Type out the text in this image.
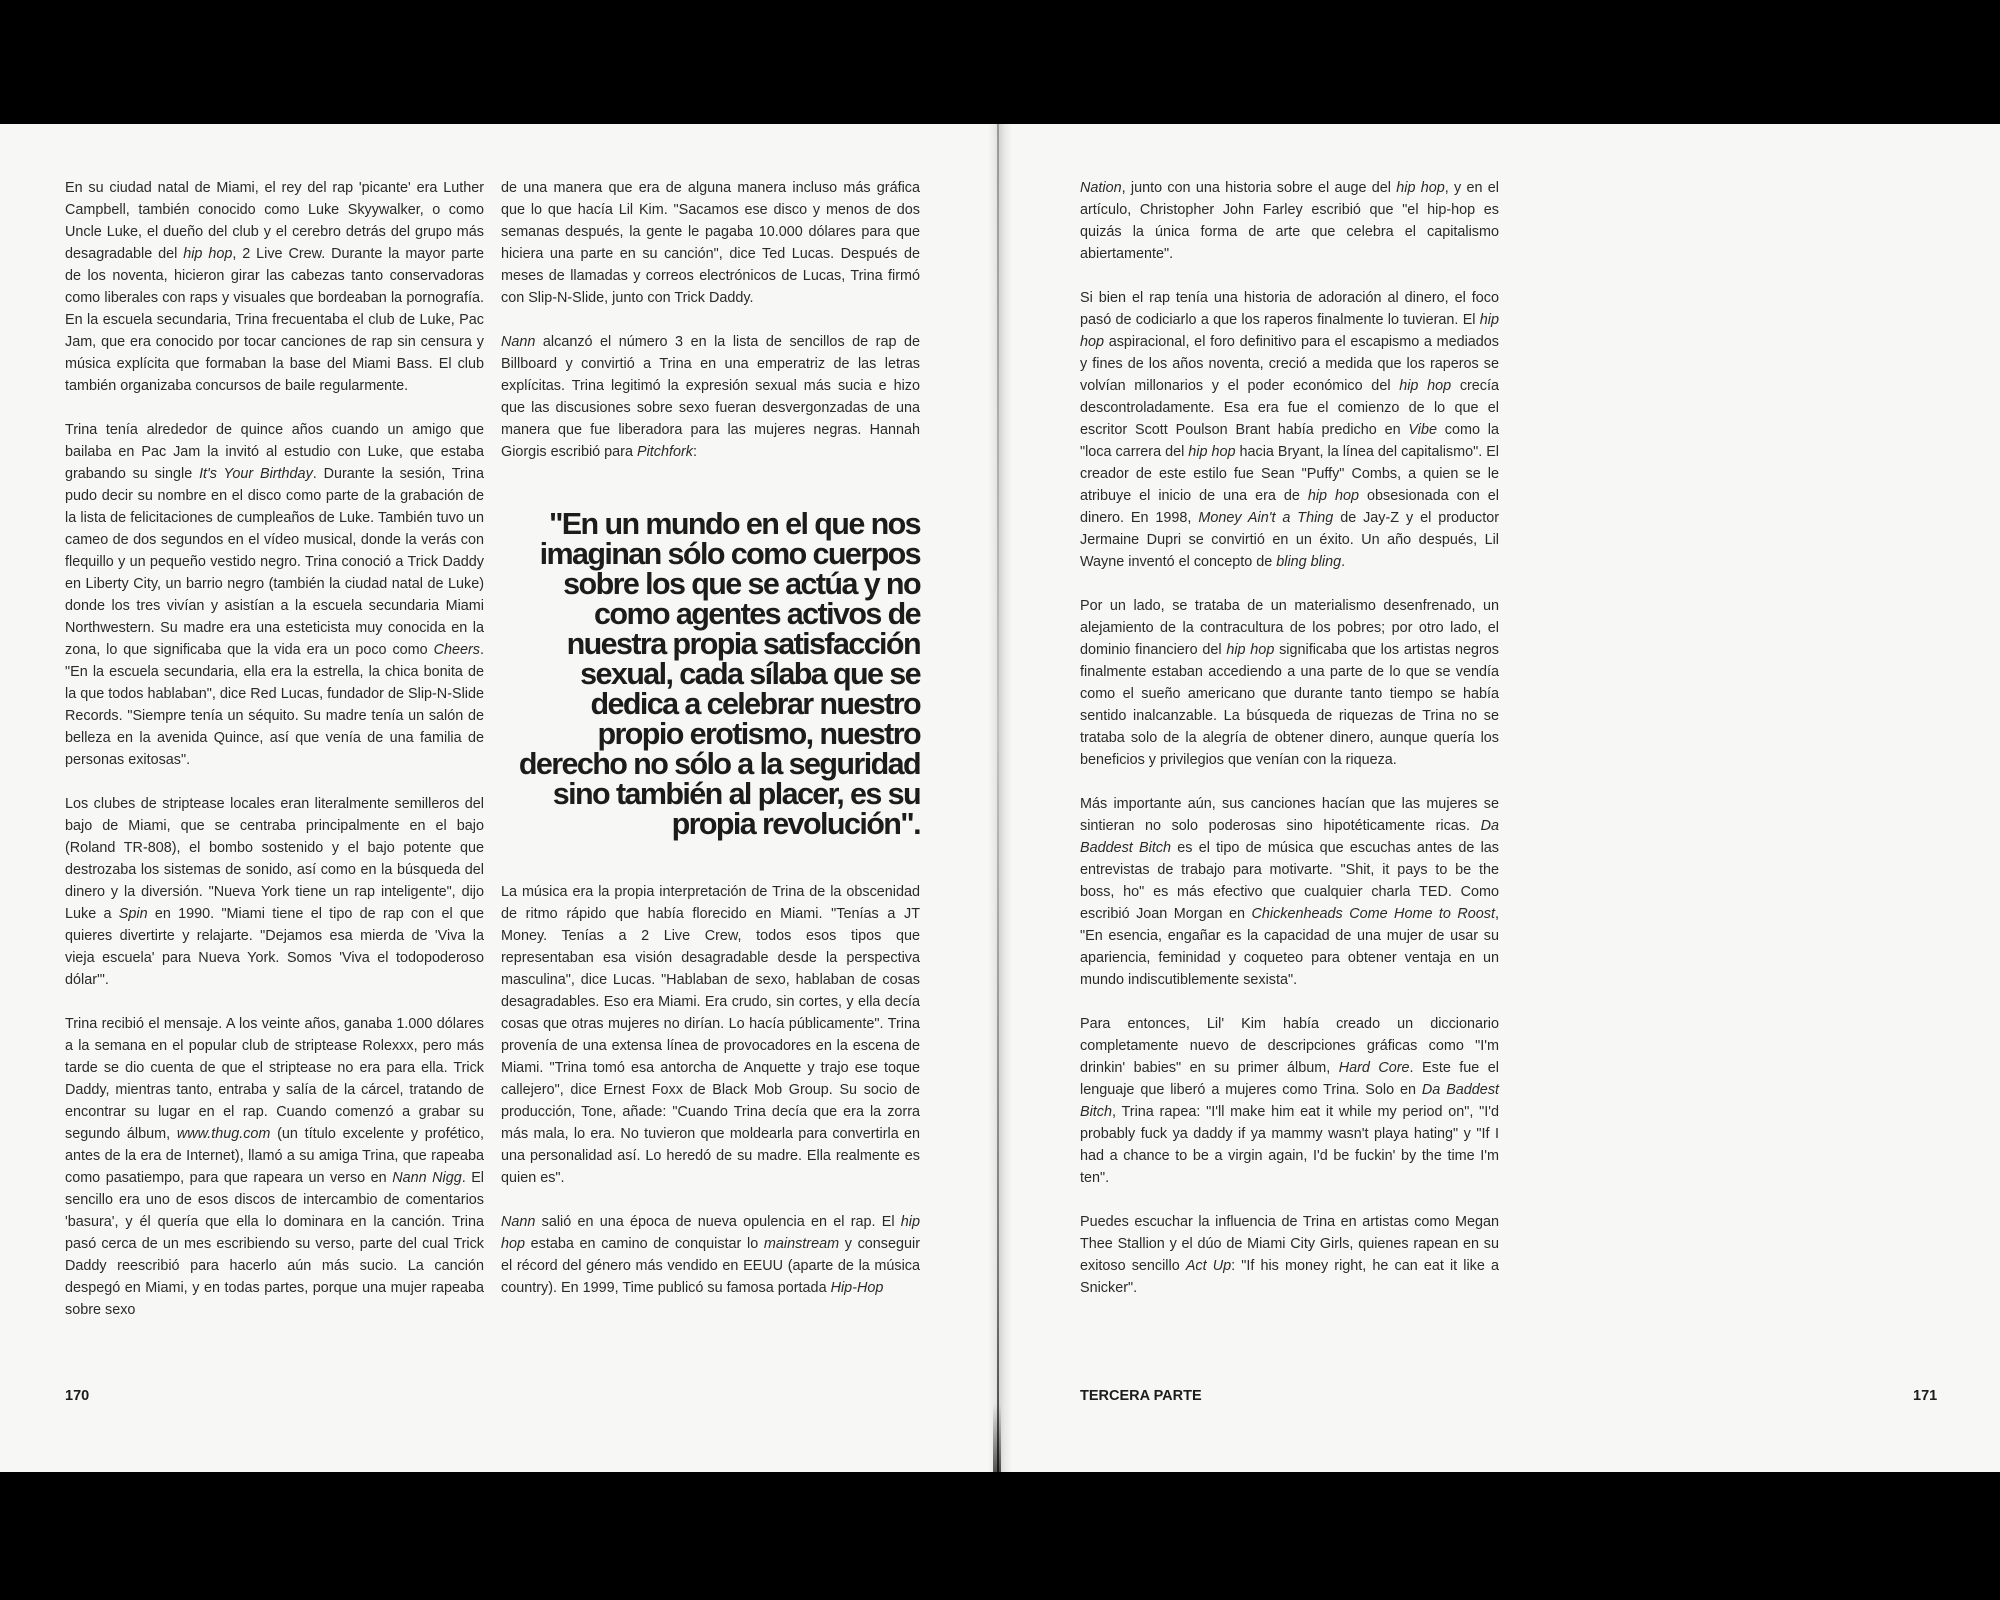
En su ciudad natal de Miami, el rey del rap 'picante' era Luther Campbell, también conocido como Luke Skyywalker, o como Uncle Luke, el dueño del club y el cerebro detrás del grupo más desagradable del hip hop, 2 Live Crew. Durante la mayor parte de los noventa, hicieron girar las cabezas tanto conservadoras como liberales con raps y visuales que bordeaban la pornografía. En la escuela secundaria, Trina frecuentaba el club de Luke, Pac Jam, que era conocido por tocar canciones de rap sin censura y música explícita que formaban la base del Miami Bass. El club también organizaba concursos de baile regularmente.

Trina tenía alrededor de quince años cuando un amigo que bailaba en Pac Jam la invitó al estudio con Luke, que estaba grabando su single It's Your Birthday. Durante la sesión, Trina pudo decir su nombre en el disco como parte de la grabación de la lista de felicitaciones de cumpleaños de Luke. También tuvo un cameo de dos segundos en el vídeo musical, donde la verás con flequillo y un pequeño vestido negro. Trina conoció a Trick Daddy en Liberty City, un barrio negro (también la ciudad natal de Luke) donde los tres vivían y asistían a la escuela secundaria Miami Northwestern. Su madre era una esteticista muy conocida en la zona, lo que significaba que la vida era un poco como Cheers. "En la escuela secundaria, ella era la estrella, la chica bonita de la que todos hablaban", dice Red Lucas, fundador de Slip-N-Slide Records. "Siempre tenía un séquito. Su madre tenía un salón de belleza en la avenida Quince, así que venía de una familia de personas exitosas".

Los clubes de striptease locales eran literalmente semilleros del bajo de Miami, que se centraba principalmente en el bajo (Roland TR-808), el bombo sostenido y el bajo potente que destrozaba los sistemas de sonido, así como en la búsqueda del dinero y la diversión. "Nueva York tiene un rap inteligente", dijo Luke a Spin en 1990. "Miami tiene el tipo de rap con el que quieres divertirte y relajarte. "Dejamos esa mierda de 'Viva la vieja escuela' para Nueva York. Somos 'Viva el todopoderoso dólar'".

Trina recibió el mensaje. A los veinte años, ganaba 1.000 dólares a la semana en el popular club de striptease Rolexxx, pero más tarde se dio cuenta de que el striptease no era para ella. Trick Daddy, mientras tanto, entraba y salía de la cárcel, tratando de encontrar su lugar en el rap. Cuando comenzó a grabar su segundo álbum, www.thug.com (un título excelente y profético, antes de la era de Internet), llamó a su amiga Trina, que rapeaba como pasatiempo, para que rapeara un verso en Nann Nigg. El sencillo era uno de esos discos de intercambio de comentarios 'basura', y él quería que ella lo dominara en la canción. Trina pasó cerca de un mes escribiendo su verso, parte del cual Trick Daddy reescribió para hacerlo aún más sucio. La canción despegó en Miami, y en todas partes, porque una mujer rapeaba sobre sexo

de una manera que era de alguna manera incluso más gráfica que lo que hacía Lil Kim. "Sacamos ese disco y menos de dos semanas después, la gente le pagaba 10.000 dólares para que hiciera una parte en su canción", dice Ted Lucas. Después de meses de llamadas y correos electrónicos de Lucas, Trina firmó con Slip-N-Slide, junto con Trick Daddy.

Nann alcanzó el número 3 en la lista de sencillos de rap de Billboard y convirtió a Trina en una emperatriz de las letras explícitas. Trina legitimó la expresión sexual más sucia e hizo que las discusiones sobre sexo fueran desvergonzadas de una manera que fue liberadora para las mujeres negras. Hannah Giorgis escribió para Pitchfork:

"En un mundo en el que nos imaginan sólo como cuerpos sobre los que se actúa y no como agentes activos de nuestra propia satisfacción sexual, cada sílaba que se dedica a celebrar nuestro propio erotismo, nuestro derecho no sólo a la seguridad sino también al placer, es su propia revolución".

La música era la propia interpretación de Trina de la obscenidad de ritmo rápido que había florecido en Miami. "Tenías a JT Money. Tenías a 2 Live Crew, todos esos tipos que representaban esa visión desagradable desde la perspectiva masculina", dice Lucas. "Hablaban de sexo, hablaban de cosas desagradables. Eso era Miami. Era crudo, sin cortes, y ella decía cosas que otras mujeres no dirían. Lo hacía públicamente". Trina provenía de una extensa línea de provocadores en la escena de Miami. "Trina tomó esa antorcha de Anquette y trajo ese toque callejero", dice Ernest Foxx de Black Mob Group. Su socio de producción, Tone, añade: "Cuando Trina decía que era la zorra más mala, lo era. No tuvieron que moldearla para convertirla en una personalidad así. Lo heredó de su madre. Ella realmente es quien es".

Nann salió en una época de nueva opulencia en el rap. El hip hop estaba en camino de conquistar lo mainstream y conseguir el récord del género más vendido en EEUU (aparte de la música country). En 1999, Time publicó su famosa portada Hip-Hop

Nation, junto con una historia sobre el auge del hip hop, y en el artículo, Christopher John Farley escribió que "el hip-hop es quizás la única forma de arte que celebra el capitalismo abiertamente".

Si bien el rap tenía una historia de adoración al dinero, el foco pasó de codiciarlo a que los raperos finalmente lo tuvieran. El hip hop aspiracional, el foro definitivo para el escapismo a mediados y fines de los años noventa, creció a medida que los raperos se volvían millonarios y el poder económico del hip hop crecía descontroladamente. Esa era fue el comienzo de lo que el escritor Scott Poulson Brant había predicho en Vibe como la "loca carrera del hip hop hacia Bryant, la línea del capitalismo". El creador de este estilo fue Sean "Puffy" Combs, a quien se le atribuye el inicio de una era de hip hop obsesionada con el dinero. En 1998, Money Ain't a Thing de Jay-Z y el productor Jermaine Dupri se convirtió en un éxito. Un año después, Lil Wayne inventó el concepto de bling bling.

Por un lado, se trataba de un materialismo desenfrenado, un alejamiento de la contracultura de los pobres; por otro lado, el dominio financiero del hip hop significaba que los artistas negros finalmente estaban accediendo a una parte de lo que se vendía como el sueño americano que durante tanto tiempo se había sentido inalcanzable. La búsqueda de riquezas de Trina no se trataba solo de la alegría de obtener dinero, aunque quería los beneficios y privilegios que venían con la riqueza.

Más importante aún, sus canciones hacían que las mujeres se sintieran no solo poderosas sino hipotéticamente ricas. Da Baddest Bitch es el tipo de música que escuchas antes de las entrevistas de trabajo para motivarte. "Shit, it pays to be the boss, ho" es más efectivo que cualquier charla TED. Como escribió Joan Morgan en Chickenheads Come Home to Roost, "En esencia, engañar es la capacidad de una mujer de usar su apariencia, feminidad y coqueteo para obtener ventaja en un mundo indiscutiblemente sexista".

Para entonces, Lil' Kim había creado un diccionario completamente nuevo de descripciones gráficas como "I'm drinkin' babies" en su primer álbum, Hard Core. Este fue el lenguaje que liberó a mujeres como Trina. Solo en Da Baddest Bitch, Trina rapea: "I'll make him eat it while my period on", "I'd probably fuck ya daddy if ya mammy wasn't playa hating" y "If I had a chance to be a virgin again, I'd be fuckin' by the time I'm ten".

Puedes escuchar la influencia de Trina en artistas como Megan Thee Stallion y el dúo de Miami City Girls, quienes rapean en su exitoso sencillo Act Up: "If his money right, he can eat it like a Snicker".

170	TERCERA PARTE	171
